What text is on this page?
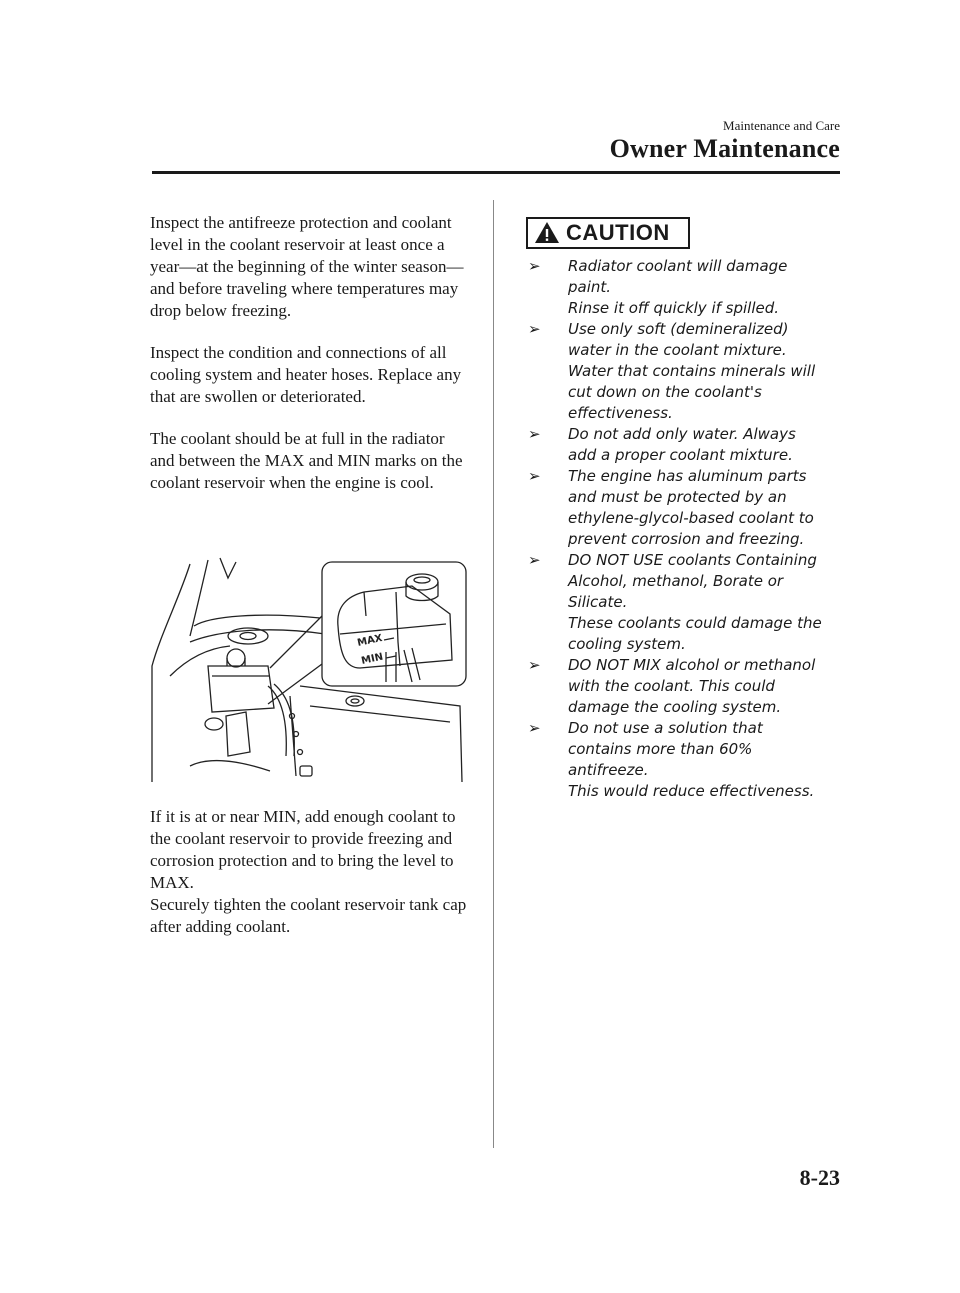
Maintenance and Care
Owner Maintenance

Inspect the antifreeze protection and coolant level in the coolant reservoir at least once a year—at the beginning of the winter season—and before traveling where temperatures may drop below freezing.

Inspect the condition and connections of all cooling system and heater hoses. Replace any that are swollen or deteriorated.

The coolant should be at full in the radiator and between the MAX and MIN marks on the coolant reservoir when the engine is cool.

MAX
MIN

If it is at or near MIN, add enough coolant to the coolant reservoir to provide freezing and corrosion protection and to bring the level to MAX.
Securely tighten the coolant reservoir tank cap after adding coolant.

CAUTION
➢ Radiator coolant will damage
paint.
Rinse it off quickly if spilled.
➢ Use only soft (demineralized)
water in the coolant mixture.
Water that contains minerals will
cut down on the coolant's
effectiveness.
➢ Do not add only water. Always
add a proper coolant mixture.
➢ The engine has aluminum parts
and must be protected by an
ethylene-glycol-based coolant to
prevent corrosion and freezing.
➢ DO NOT USE coolants Containing
Alcohol, methanol, Borate or
Silicate.
These coolants could damage the
cooling system.
➢ DO NOT MIX alcohol or methanol
with the coolant. This could
damage the cooling system.
➢ Do not use a solution that
contains more than 60%
antifreeze.
This would reduce effectiveness.
8-23
